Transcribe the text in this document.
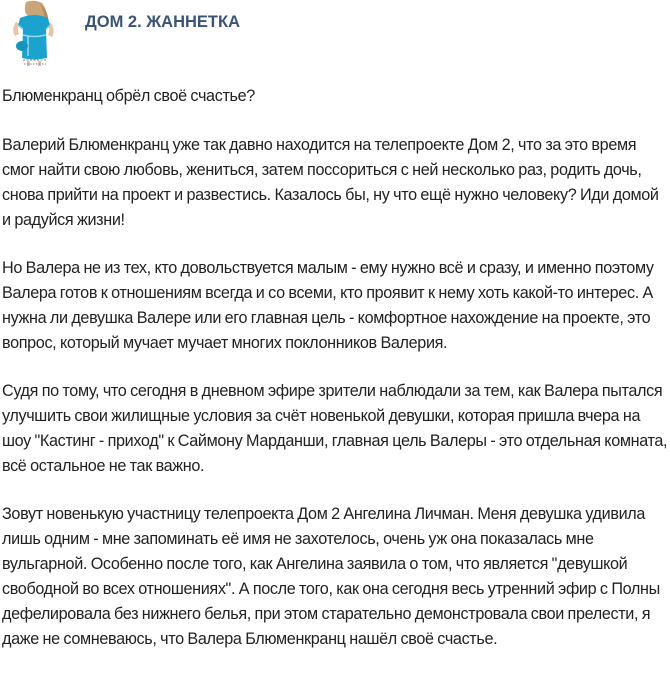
ДОМ 2. ЖАННЕТКА

Блюменкранц обрёл своё счастье?

Валерий Блюменкранц уже так давно находится на телепроекте Дом 2, что за это время смог найти свою любовь, жениться, затем поссориться с ней несколько раз, родить дочь, снова прийти на проект и развестись. Казалось бы, ну что ещё нужно человеку? Иди домой и радуйся жизни!

Но Валера не из тех, кто довольствуется малым - ему нужно всё и сразу, и именно поэтому Валера готов к отношениям всегда и со всеми, кто проявит к нему хоть какой-то интерес. А нужна ли девушка Валере или его главная цель - комфортное нахождение на проекте, это вопрос, который мучает мучает многих поклонников Валерия.

Судя по тому, что сегодня в дневном эфире зрители наблюдали за тем, как Валера пытался улучшить свои жилищные условия за счёт новенькой девушки, которая пришла вчера на шоу "Кастинг - приход" к Саймону Марданши, главная цель Валеры - это отдельная комната, всё остальное не так важно.

Зовут новенькую участницу телепроекта Дом 2 Ангелина Личман. Меня девушка удивила лишь одним - мне запоминать её имя не захотелось, очень уж она показалась мне вульгарной. Особенно после того, как Ангелина заявила о том, что является "девушкой свободной во всех отношениях". А после того, как она сегодня весь утренний эфир с Полны дефелировала без нижнего белья, при этом старательно демонстровала свои прелести, я даже не сомневаюсь, что Валера Блюменкранц нашёл своё счастье.
